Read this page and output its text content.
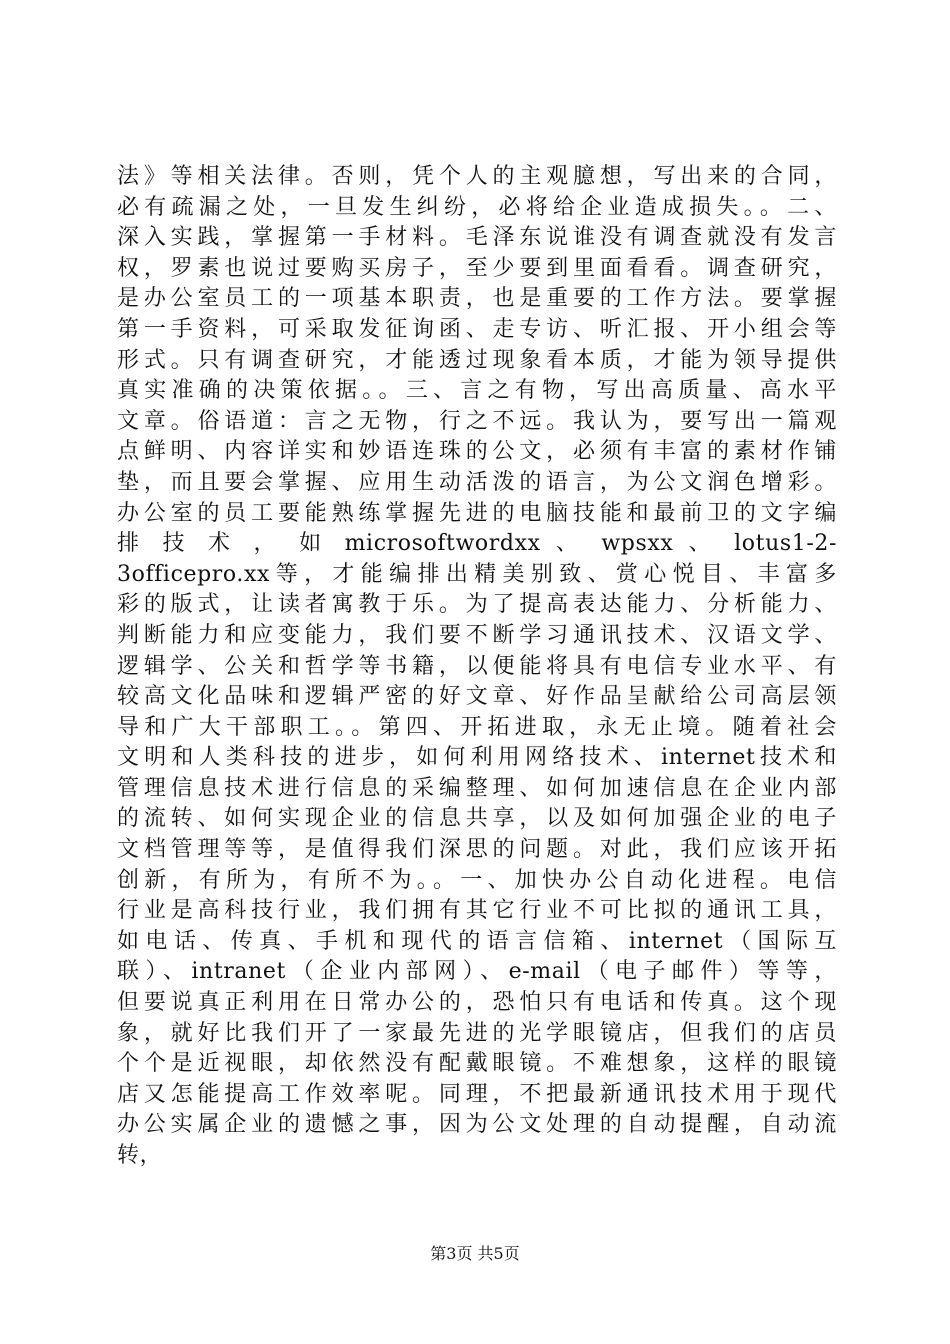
法》等相关法律。否则，凭个人的主观臆想，写出来的合同，
必有疏漏之处，一旦发生纠纷，必将给企业造成损失。。二、
深入实践，掌握第一手材料。毛泽东说谁没有调查就没有发言
权，罗素也说过要购买房子，至少要到里面看看。调查研究，
是办公室员工的一项基本职责，也是重要的工作方法。要掌握
第一手资料，可采取发征询函、走专访、听汇报、开小组会等
形式。只有调查研究，才能透过现象看本质，才能为领导提供
真实准确的决策依据。。三、言之有物，写出高质量、高水平
文章。俗语道：言之无物，行之不远。我认为，要写出一篇观
点鲜明、内容详实和妙语连珠的公文，必须有丰富的素材作铺
垫，而且要会掌握、应用生动活泼的语言，为公文润色增彩。
办公室的员工要能熟练掌握先进的电脑技能和最前卫的文字编
排 技 术 ， 如 microsoftwordxx 、 wpsxx 、 lotus1-2-
3officepro.xx等，才能编排出精美别致、赏心悦目、丰富多
彩的版式，让读者寓教于乐。为了提高表达能力、分析能力、
判断能力和应变能力，我们要不断学习通讯技术、汉语文学、
逻辑学、公关和哲学等书籍，以便能将具有电信专业水平、有
较高文化品味和逻辑严密的好文章、好作品呈献给公司高层领
导和广大干部职工。。第四、开拓进取，永无止境。随着社会
文明和人类科技的进步，如何利用网络技术、internet技术和
管理信息技术进行信息的采编整理、如何加速信息在企业内部
的流转、如何实现企业的信息共享，以及如何加强企业的电子
文档管理等等，是值得我们深思的问题。对此，我们应该开拓
创新，有所为，有所不为。。一、加快办公自动化进程。电信
行业是高科技行业，我们拥有其它行业不可比拟的通讯工具，
如电话、传真、手机和现代的语言信箱、internet（国际互
联）、intranet（企业内部网）、e-mail（电子邮件）等等，
但要说真正利用在日常办公的，恐怕只有电话和传真。这个现
象，就好比我们开了一家最先进的光学眼镜店，但我们的店员
个个是近视眼，却依然没有配戴眼镜。不难想象，这样的眼镜
店又怎能提高工作效率呢。同理，不把最新通讯技术用于现代
办公实属企业的遗憾之事，因为公文处理的自动提醒，自动流
转，
第3页 共5页
